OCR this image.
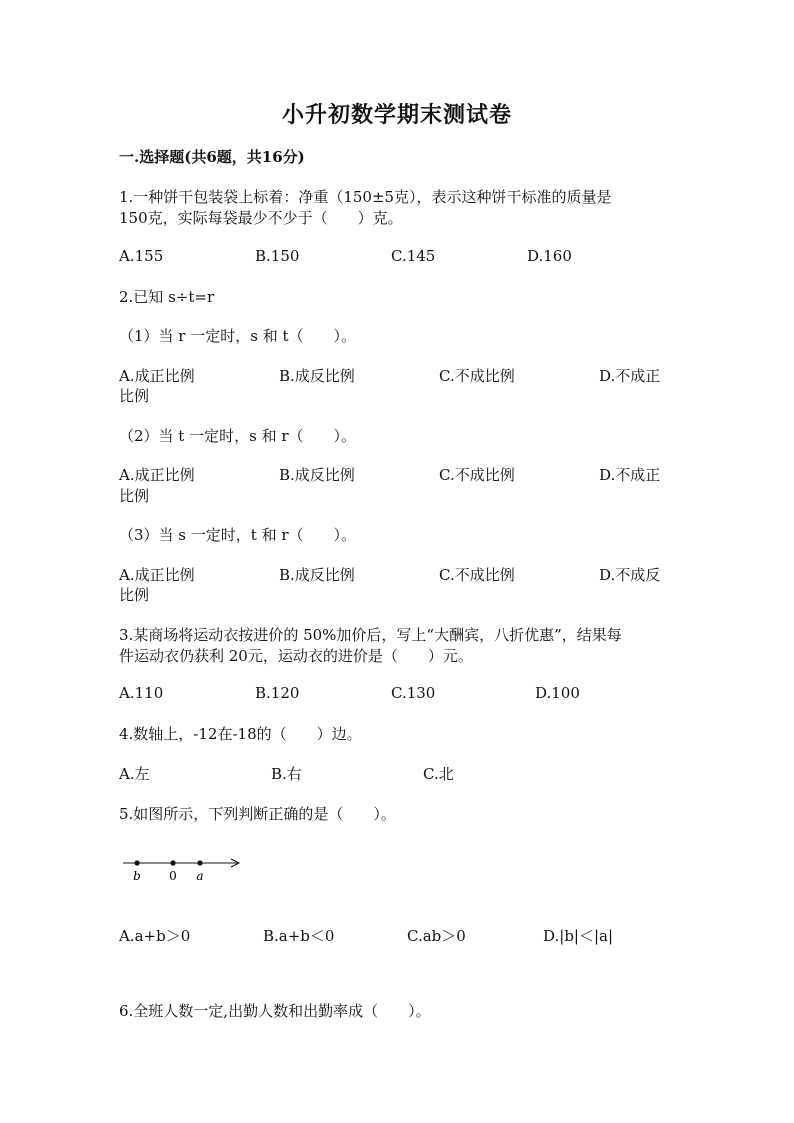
小升初数学期末测试卷
一.选择题(共6题，共16分)
1.一种饼干包装袋上标着：净重（150±5克），表示这种饼干标准的质量是
150克，实际每袋最少不少于（　　）克。
A.155	B.150	C.145	D.160
2.已知 s÷t=r
（1）当 r 一定时，s 和 t（　　）。
A.成正比例	B.成反比例	C.不成比例	D.不成正
比例
（2）当 t 一定时，s 和 r（　　）。
A.成正比例	B.成反比例	C.不成比例	D.不成正
比例
（3）当 s 一定时，t 和 r（　　）。
A.成正比例	B.成反比例	C.不成比例	D.不成反
比例
3.某商场将运动衣按进价的 50%加价后，写上“大酬宾，八折优惠”，结果每
件运动衣仍获利 20元，运动衣的进价是（　　）元。
A.110	B.120	C.130	D.100
4.数轴上，-12在-18的（　　）边。
A.左	B.右	C.北
5.如图所示，下列判断正确的是（　　）。
b 0 a
A.a+b＞0	B.a+b＜0	C.ab＞0	D.|b|＜|a|
6.全班人数一定,出勤人数和出勤率成（　　）。
